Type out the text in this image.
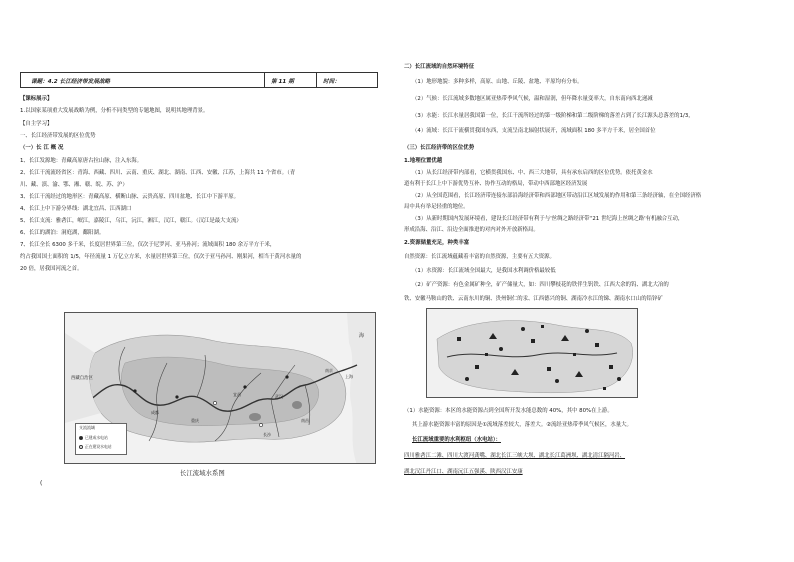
课题：4.2 长江经济带发展战略	第 11 期	时间：
【课标展示】
1.以国家某项重大发展战略为例，分析不同类型的专题地图，说明其地理背景。
【自主学习】
一、长江经济带发展的区位优势
（一）长 江 概 况
1、长江发源地：青藏高原唐古拉山脉，注入东海。
2、长江干流流经省区：青海、西藏、四川、云南、重庆、湖北、湖南、江西、安徽、江苏，上海共 11 个省市。（青
川、藏、滇、渝、鄂、湘、赣、皖、苏、沪）
3、长江干流经过的地形区：青藏高原、横断山脉、云贵高原、四川盆地、长江中下游平原。
4、长江上中下游分界线：湖北宜昌、江西湖口
5、长江支流：雅砻江，岷江，嘉陵江，乌江，沅江，湘江，汉江，赣江。（汉江是最大支流）
6、长江的湖泊：洞庭湖，鄱阳湖。
7、长江全长 6300 多千米，长度居世界第三位，仅次于尼罗河、亚马孙河；流域面积 180 余万平方千米，
约占我国国土面积的 1/5，年径流量 1 万亿立方米，水量居世界第三位，仅次于亚马孙河、刚果河，相当于黄河水量的
20 倍，居我国河流之首。
西藏自治区
海
成都
重庆
宜昌	武汉
南京
上海
长沙
南昌
支流流域
已建成水电站
正在建设水电站
长江流域水系图
(
二）长江流域的自然环境特征
（1）地形地貌：多种多样，高原、山地、丘陵、盆地、平原均有分布。
（2）气候：长江流域多数地区属亚热带季风气候，温和湿润，但年降水量变率大，自东南向西北递减
（3）水能：长江水量居我国第一位，长江干流所经过的第一级阶梯和第二级阶梯的落差占到了长江源头总落差的1/3，
（4）流域：长江干流横贯我国东西，支流呈南北辐射状展开，流域面积 180 多平方千米，居全国首位
（三）长江经济带的区位优势
1.地理位置优越
（1）从长江经济带内部看，它横贯我国东、中、西三大地带，具有承东启西的区位优势。依托黄金水
道有利于长江上中下游优势互补、协作互动的格局，带动中西部地区经济发展
（2）从全国范围看，长江经济带连接东部沿海经济带和西部地区带动沿江区域发展的作用和第三条经济轴，在全国经济格
局中具有举足轻重的地位。
（3）从新时期国内发展环境看，建设长江经济带有利于与'丝绸之路经济带''21 世纪海上丝绸之路'有机融合互动，
形成沿海、沿江、沿边全面推进的对内对外开放新格局。
2.资源储量充足，种类丰富
自然资源：长江流域蕴藏着丰富的自然资源，主要有五大资源。
（1）水资源：长江流域全国最大，是我国水利调价格最较低
（2）矿产资源：有色金属矿种全，矿产储量大，如：四川攀枝花的铁伴生钒铁、江西大余的钨、湖北大冶的
铁、安徽马鞍山的铁、云南东川的铜、贵州铜仁的汞、江西德兴的铜、湖南冷水江的锑、湖南水口山的铅锌矿
（1）水能资源：本区的水能资源占到全国所开发水能总数的 40%，其中 80%在上游。
其上游水能资源丰富的原因是①流域落差较大，落差大。②流经亚热带季风气候区，水量大。
长江流域重要的水利枢纽（水电站）：
四川雅砻江二滩、四川大渡河龚嘴、湖北长江三峡大坝、湖北长江葛洲坝、湖北清江隔河岩、
湖北汉江丹江口、湖南沅江五强溪、陕西汉江安康
